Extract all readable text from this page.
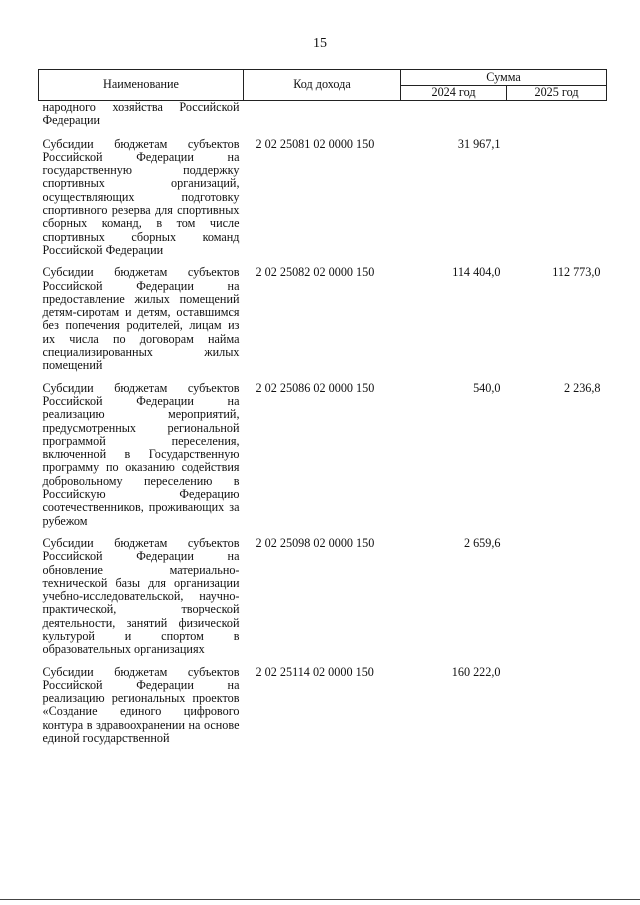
15
Наименование	Код дохода	Сумма	
		2024 год	2025 год
народного хозяйства Российской Федерации			
Субсидии бюджетам субъектов Российской Федерации на государственную поддержку спортивных организаций, осуществляющих подготовку спортивного резерва для спортивных сборных команд, в том числе спортивных сборных команд Российской Федерации	2 02 25081 02 0000 150	31 967,1	
Субсидии бюджетам субъектов Российской Федерации на предоставление жилых помещений детям-сиротам и детям, оставшимся без попечения родителей, лицам из их числа по договорам найма специализированных жилых помещений	2 02 25082 02 0000 150	114 404,0	112 773,0
Субсидии бюджетам субъектов Российской Федерации на реализацию мероприятий, предусмотренных региональной программой переселения, включенной в Государственную программу по оказанию содействия добровольному переселению в Российскую Федерацию соотечественников, проживающих за рубежом	2 02 25086 02 0000 150	540,0	2 236,8
Субсидии бюджетам субъектов Российской Федерации на обновление материально-технической базы для организации учебно-исследовательской, научно-практической, творческой деятельности, занятий физической культурой и спортом в образовательных организациях	2 02 25098 02 0000 150	2 659,6	
Субсидии бюджетам субъектов Российской Федерации на реализацию региональных проектов «Создание единого цифрового контура в здравоохранении на основе единой государственной	2 02 25114 02 0000 150	160 222,0	
